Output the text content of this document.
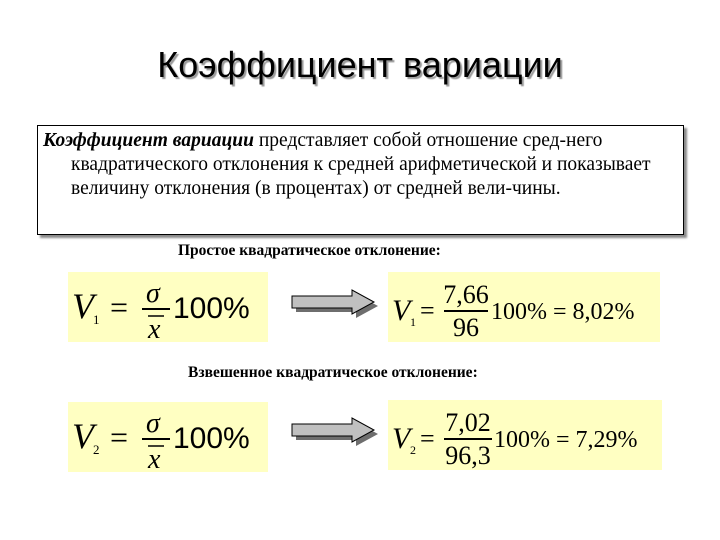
Коэффициент вариации

Коэффициент вариации представляет собой отношение сред-него квадратического отклонения к средней арифметической и показывает величину отклонения (в процентах) от средней вели-чины.

Простое квадратическое отклонение:
V 1 = σ
x
100%	V 1 =
7,66
96
100% = 8,02%
Взвешенное квадратическое отклонение:
V 2 = σ
x
100%	V 2 =
7,02
96,3
100% = 7,29%
